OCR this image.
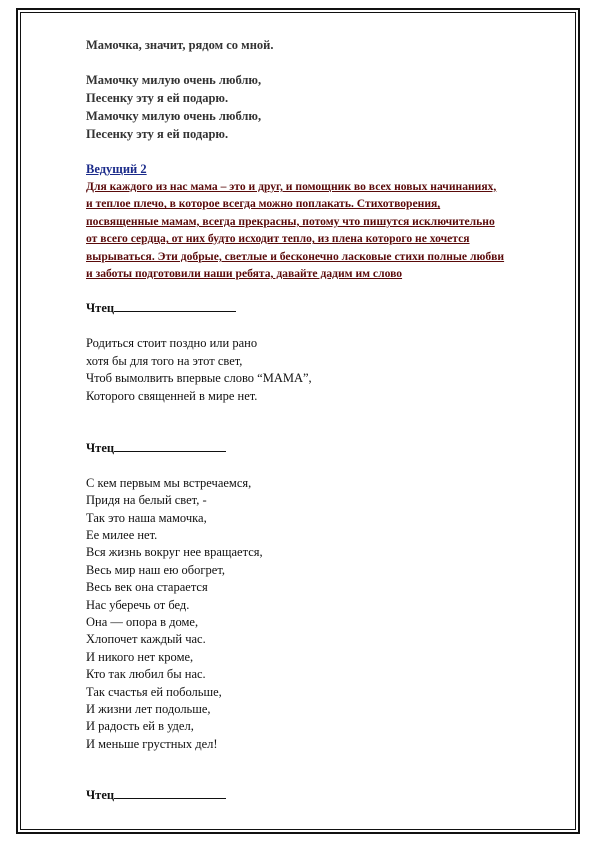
Мамочка, значит, рядом со мной.
Мамочку милую очень люблю,
Песенку эту я ей подарю.
Мамочку милую очень люблю,
Песенку эту я ей подарю.
Ведущий 2
Для каждого из нас мама – это и друг, и помощник во всех новых начинаниях,
и теплое плечо, в которое всегда можно поплакать. Стихотворения,
посвященные мамам, всегда прекрасны, потому что пишутся исключительно
от всего сердца, от них будто исходит тепло, из плена которого не хочется
вырываться. Эти добрые, светлые и бесконечно ласковые стихи полные любви
и заботы подготовили наши ребята, давайте дадим им слово
Чтец
Родиться стоит поздно или рано
хотя бы для того на этот свет,
Чтоб вымолвить впервые слово “МАМА”,
Которого священней в мире нет.
Чтец
С кем первым мы встречаемся,
Придя на белый свет, -
Так это наша мамочка,
Ее милее нет.
Вся жизнь вокруг нее вращается,
Весь мир наш ею обогрет,
Весь век она старается
Нас уберечь от бед.
Она — опора в доме,
Хлопочет каждый час.
И никого нет кроме,
Кто так любил бы нас.
Так счастья ей побольше,
И жизни лет подольше,
И радость ей в удел,
И меньше грустных дел!
Чтец
